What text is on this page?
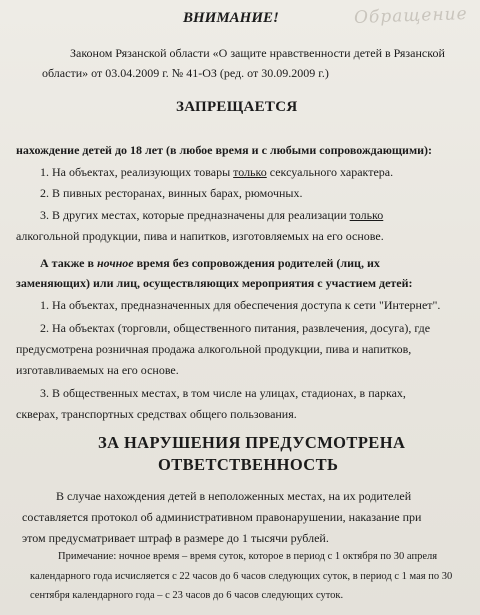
Обращение
ВНИМАНИЕ!
Законом Рязанской области «О защите нравственности детей в Рязанской
области» от 03.04.2009 г. № 41-ОЗ (ред. от 30.09.2009 г.)
ЗАПРЕЩАЕТСЯ
нахождение детей до 18 лет (в любое время и с любыми сопровождающими):
1. На объектах, реализующих товары только сексуального характера.
2. В пивных ресторанах, винных барах, рюмочных.
3. В других местах, которые предназначены для реализации только
алкогольной продукции, пива и напитков, изготовляемых на его основе.
А также в ночное время без сопровождения родителей (лиц, их
заменяющих) или лиц, осуществляющих мероприятия с участием детей:
1. На объектах, предназначенных для обеспечения доступа к сети "Интернет".
2. На объектах (торговли, общественного питания, развлечения, досуга), где
предусмотрена розничная продажа алкогольной продукции, пива и напитков,
изготавливаемых на его основе.
3. В общественных местах, в том числе на улицах, стадионах, в парках,
скверах, транспортных средствах общего пользования.
ЗА НАРУШЕНИЯ ПРЕДУСМОТРЕНА
ОТВЕТСТВЕННОСТЬ
В случае нахождения детей в неположенных местах, на их родителей
составляется протокол об административном правонарушении, наказание при
этом предусматривает штраф в размере до 1 тысячи рублей.
Примечание: ночное время – время суток, которое в период с 1 октября по 30 апреля
календарного года исчисляется с 22 часов до 6 часов следующих суток, в период с 1 мая по 30
сентября календарного года – с 23 часов до 6 часов следующих суток.
